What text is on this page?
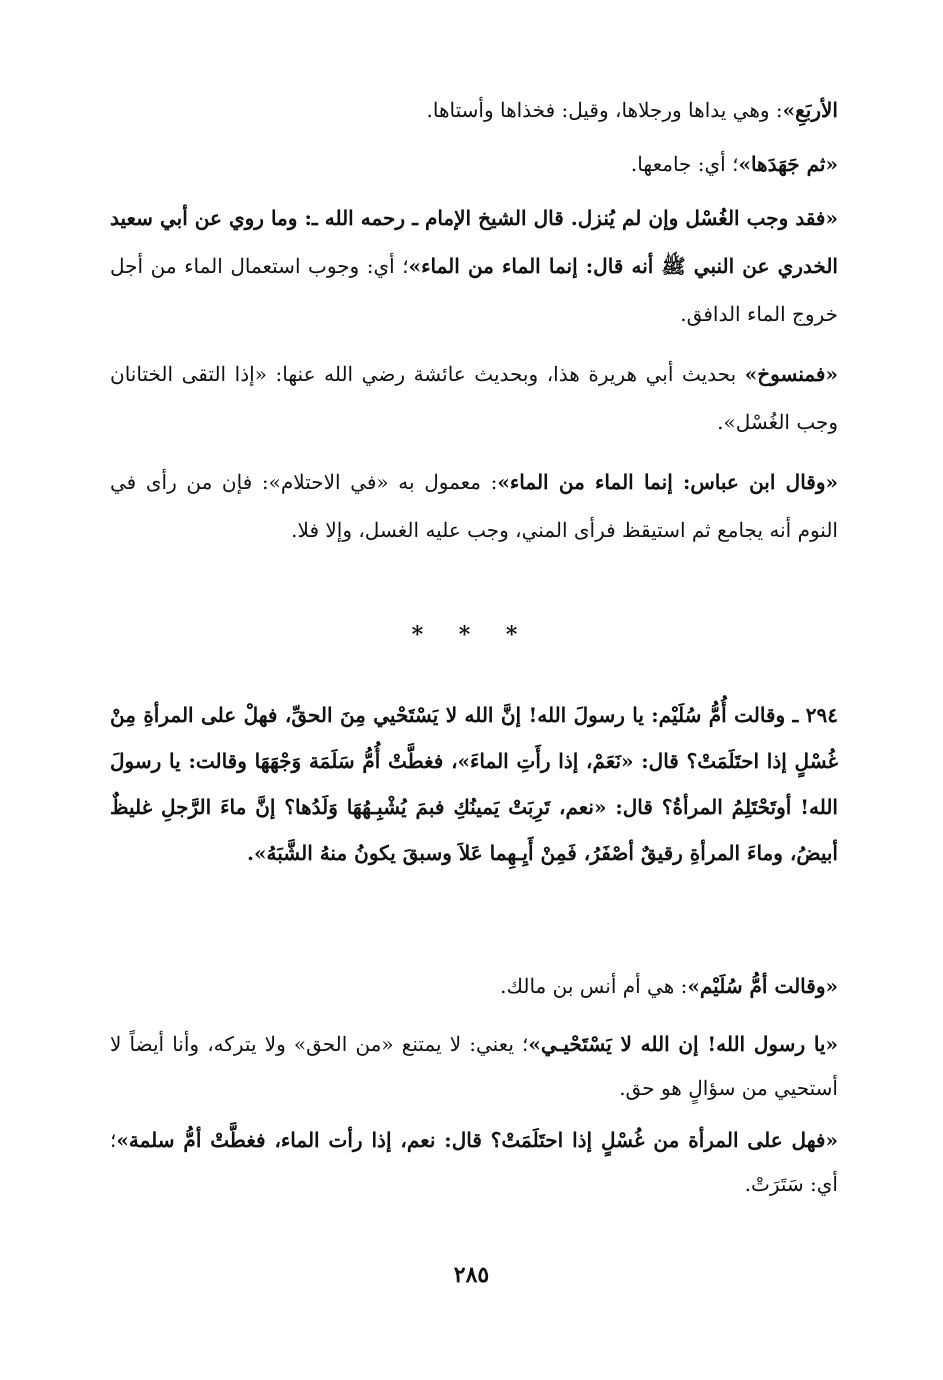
الأربَعِ»: وهي يداها ورجلاها، وقيل: فخذاها وأستاها.

«ثم جَهَدَها»؛ أي: جامعها.

«فقد وجب الغُسْل وإن لم يُنزل. قال الشيخ الإمام ـ رحمه الله ـ: وما روي عن أبي سعيد الخدري عن النبي ﷺ أنه قال: إنما الماء من الماء»؛ أي: وجوب استعمال الماء من أجل خروج الماء الدافق.

«فمنسوخ» بحديث أبي هريرة هذا، وبحديث عائشة رضي الله عنها: «إذا التقى الختانان وجب الغُسْل».

«وقال ابن عباس: إنما الماء من الماء»: معمول به «في الاحتلام»: فإن من رأى في النوم أنه يجامع ثم استيقظ فرأى المني، وجب عليه الغسل، وإلا فلا.

* * *

٢٩٤ ـ وقالت أُمُّ سُلَيْم: يا رسولَ الله! إنَّ الله لا يَسْتَحْيي مِنَ الحقِّ، فهلْ على المرأةِ مِنْ غُسْلٍ إذا احتَلَمَتْ؟ قال: «نَعَمْ، إذا رأَتِ الماءَ»، فغطَّتْ أُمُّ سَلَمَة وَجْهَهَا وقالت: يا رسولَ الله! أوتَحْتَلِمُ المرأةُ؟ قال: «نعم، تَرِبَتْ يَمينُكِ فبمَ يُشْبِـهُهَا وَلَدُها؟ إنَّ ماءَ الرَّجلِ غليظٌ أبيضُ، وماءَ المرأةِ رقيقٌ أصْفَرُ، فَمِنْ أَيِـهِما عَلاَ وسبقَ يكونُ منهُ الشَّبَهُ».

«وقالت أمُّ سُلَيْم»: هي أم أنس بن مالك.

«يا رسول الله! إن الله لا يَسْتَحْيـي»؛ يعني: لا يمتنع «من الحق» ولا يتركه، وأنا أيضاً لا أستحيي من سؤالٍ هو حق.

«فهل على المرأة من غُسْلٍ إذا احتَلَمَتْ؟ قال: نعم، إذا رأت الماء، فغطَّتْ أمُّ سلمة»؛ أي: سَتَرَتْ.

٢٨٥
